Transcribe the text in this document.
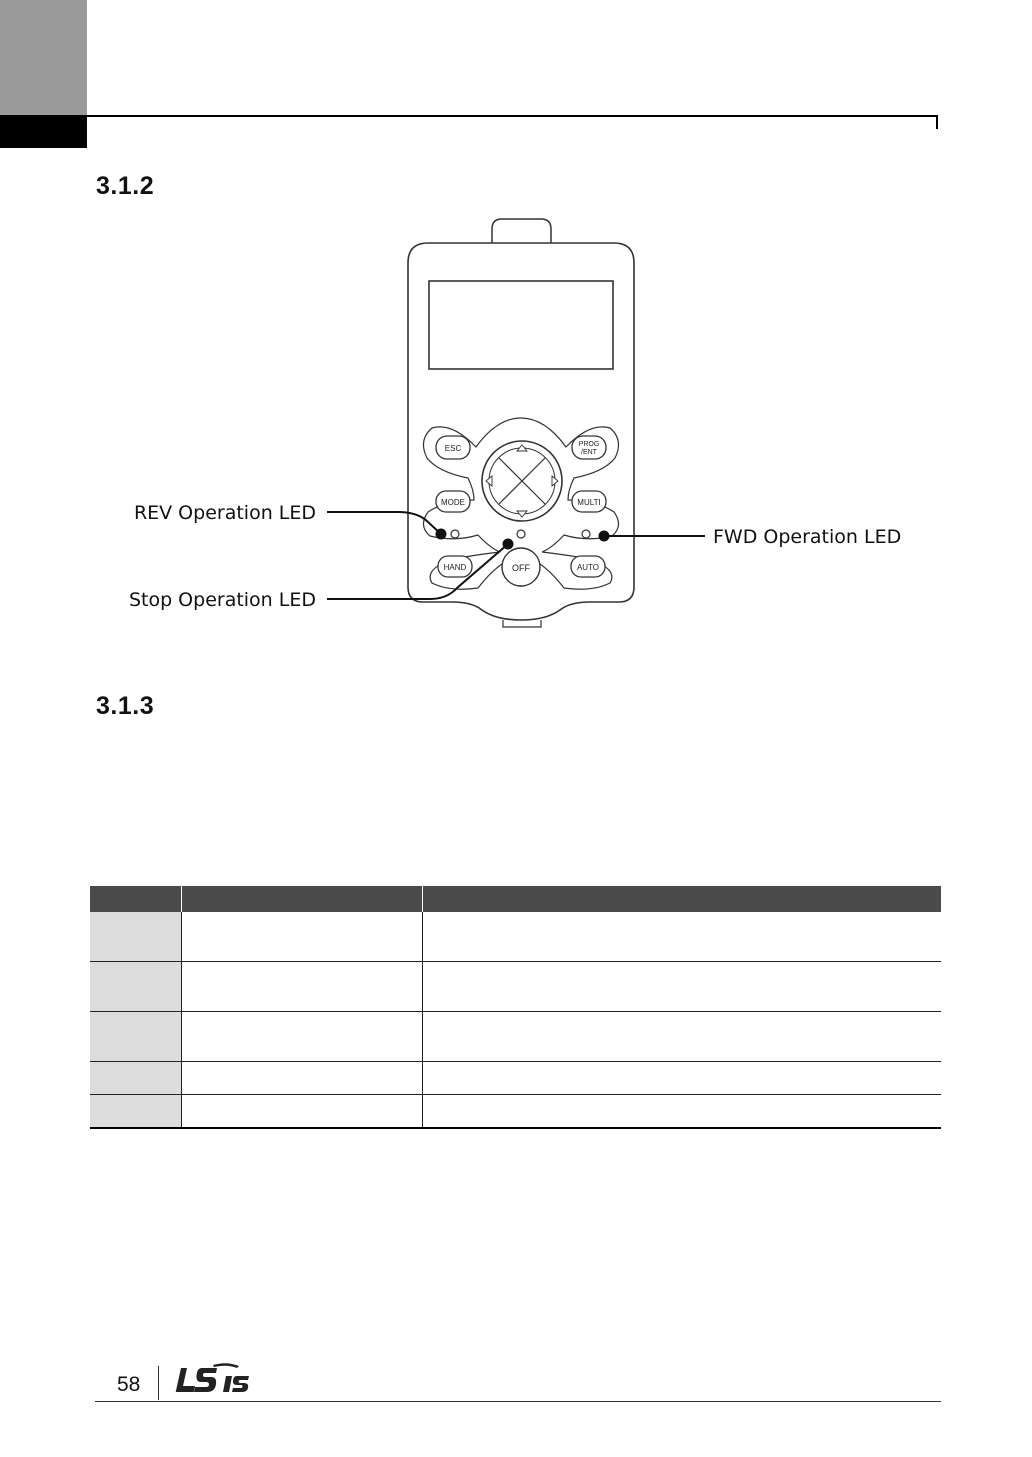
3.1.2
ESC	PROG
/ENT
MODE	MULTI
HAND	OFF	AUTO
REV Operation LED
Stop Operation LED
FWD Operation LED
3.1.3

58
